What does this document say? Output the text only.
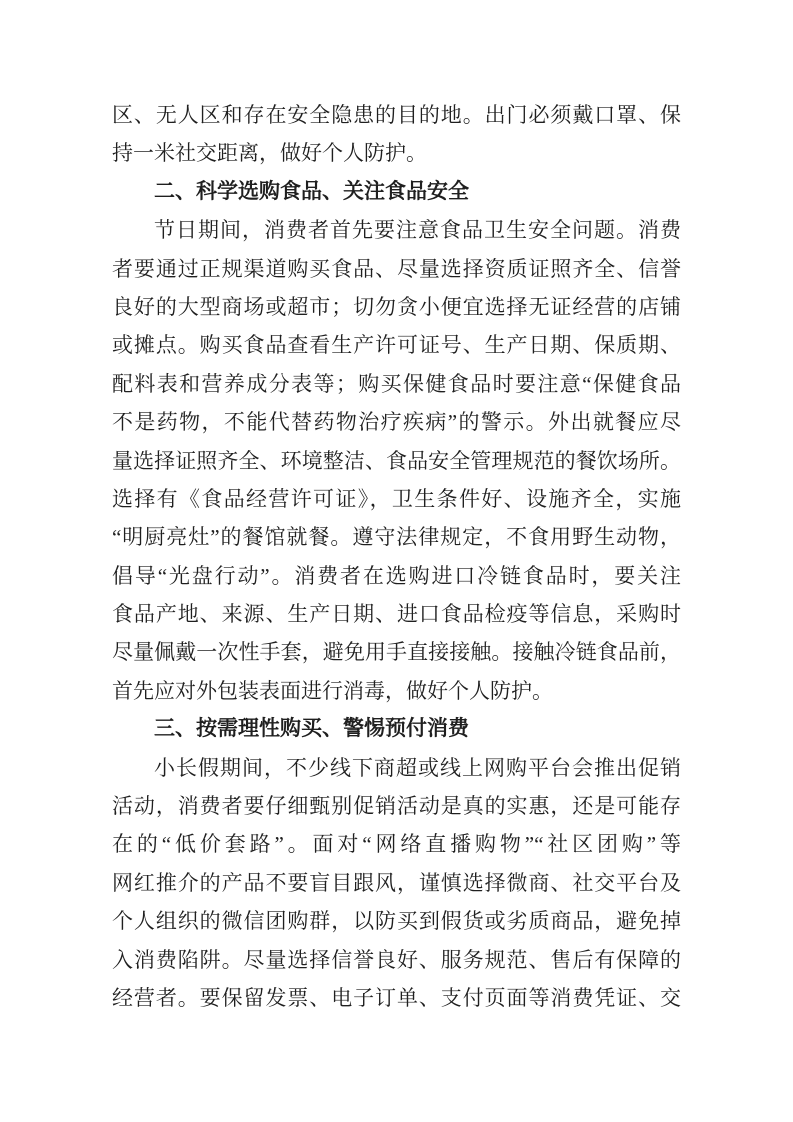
区、无人区和存在安全隐患的目的地。出门必须戴口罩、保
持一米社交距离，做好个人防护。
二、科学选购食品、关注食品安全
节日期间，消费者首先要注意食品卫生安全问题。消费
者要通过正规渠道购买食品、尽量选择资质证照齐全、信誉
良好的大型商场或超市；切勿贪小便宜选择无证经营的店铺
或摊点。购买食品查看生产许可证号、生产日期、保质期、
配料表和营养成分表等；购买保健食品时要注意“保健食品
不是药物，不能代替药物治疗疾病”的警示。外出就餐应尽
量选择证照齐全、环境整洁、食品安全管理规范的餐饮场所。
选择有《食品经营许可证》，卫生条件好、设施齐全，实施
“明厨亮灶”的餐馆就餐。遵守法律规定，不食用野生动物，
倡导“光盘行动”。消费者在选购进口冷链食品时，要关注
食品产地、来源、生产日期、进口食品检疫等信息，采购时
尽量佩戴一次性手套，避免用手直接接触。接触冷链食品前，
首先应对外包装表面进行消毒，做好个人防护。
三、按需理性购买、警惕预付消费
小长假期间，不少线下商超或线上网购平台会推出促销
活动，消费者要仔细甄别促销活动是真的实惠，还是可能存
在的“低价套路”。面对“网络直播购物”“社区团购”等
网红推介的产品不要盲目跟风，谨慎选择微商、社交平台及
个人组织的微信团购群，以防买到假货或劣质商品，避免掉
入消费陷阱。尽量选择信誉良好、服务规范、售后有保障的
经营者。要保留发票、电子订单、支付页面等消费凭证、交
